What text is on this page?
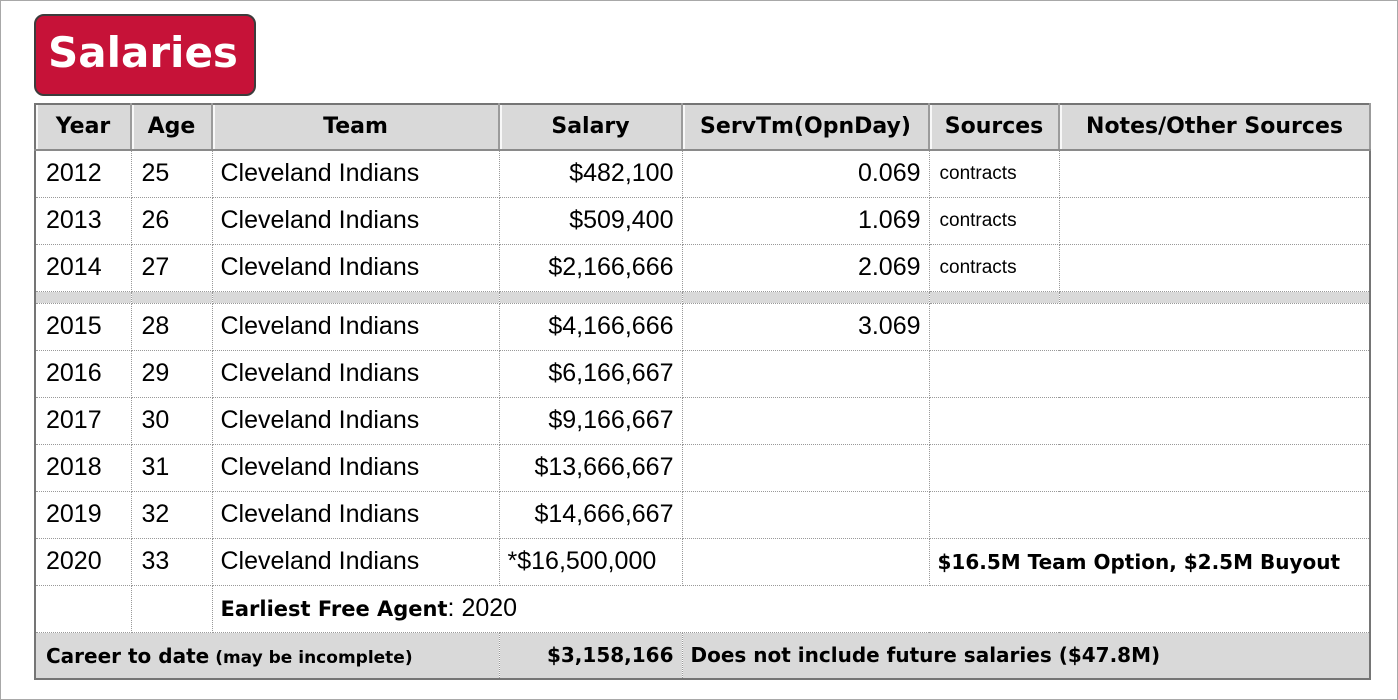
Salaries
Year	Age	Team	Salary	ServTm(OpnDay)	Sources	Notes/Other Sources
2012	25	Cleveland Indians	$482,100	0.069	contracts	
2013	26	Cleveland Indians	$509,400	1.069	contracts	
2014	27	Cleveland Indians	$2,166,666	2.069	contracts	

2015	28	Cleveland Indians	$4,166,666	3.069		
2016	29	Cleveland Indians	$6,166,667			
2017	30	Cleveland Indians	$9,166,667			
2018	31	Cleveland Indians	$13,666,667			
2019	32	Cleveland Indians	$14,666,667			
2020	33	Cleveland Indians	*$16,500,000		$16.5M Team Option, $2.5M Buyout	
		Earliest Free Agent: 2020				
Career to date (may be incomplete)			$3,158,166	Does not include future salaries ($47.8M)		
